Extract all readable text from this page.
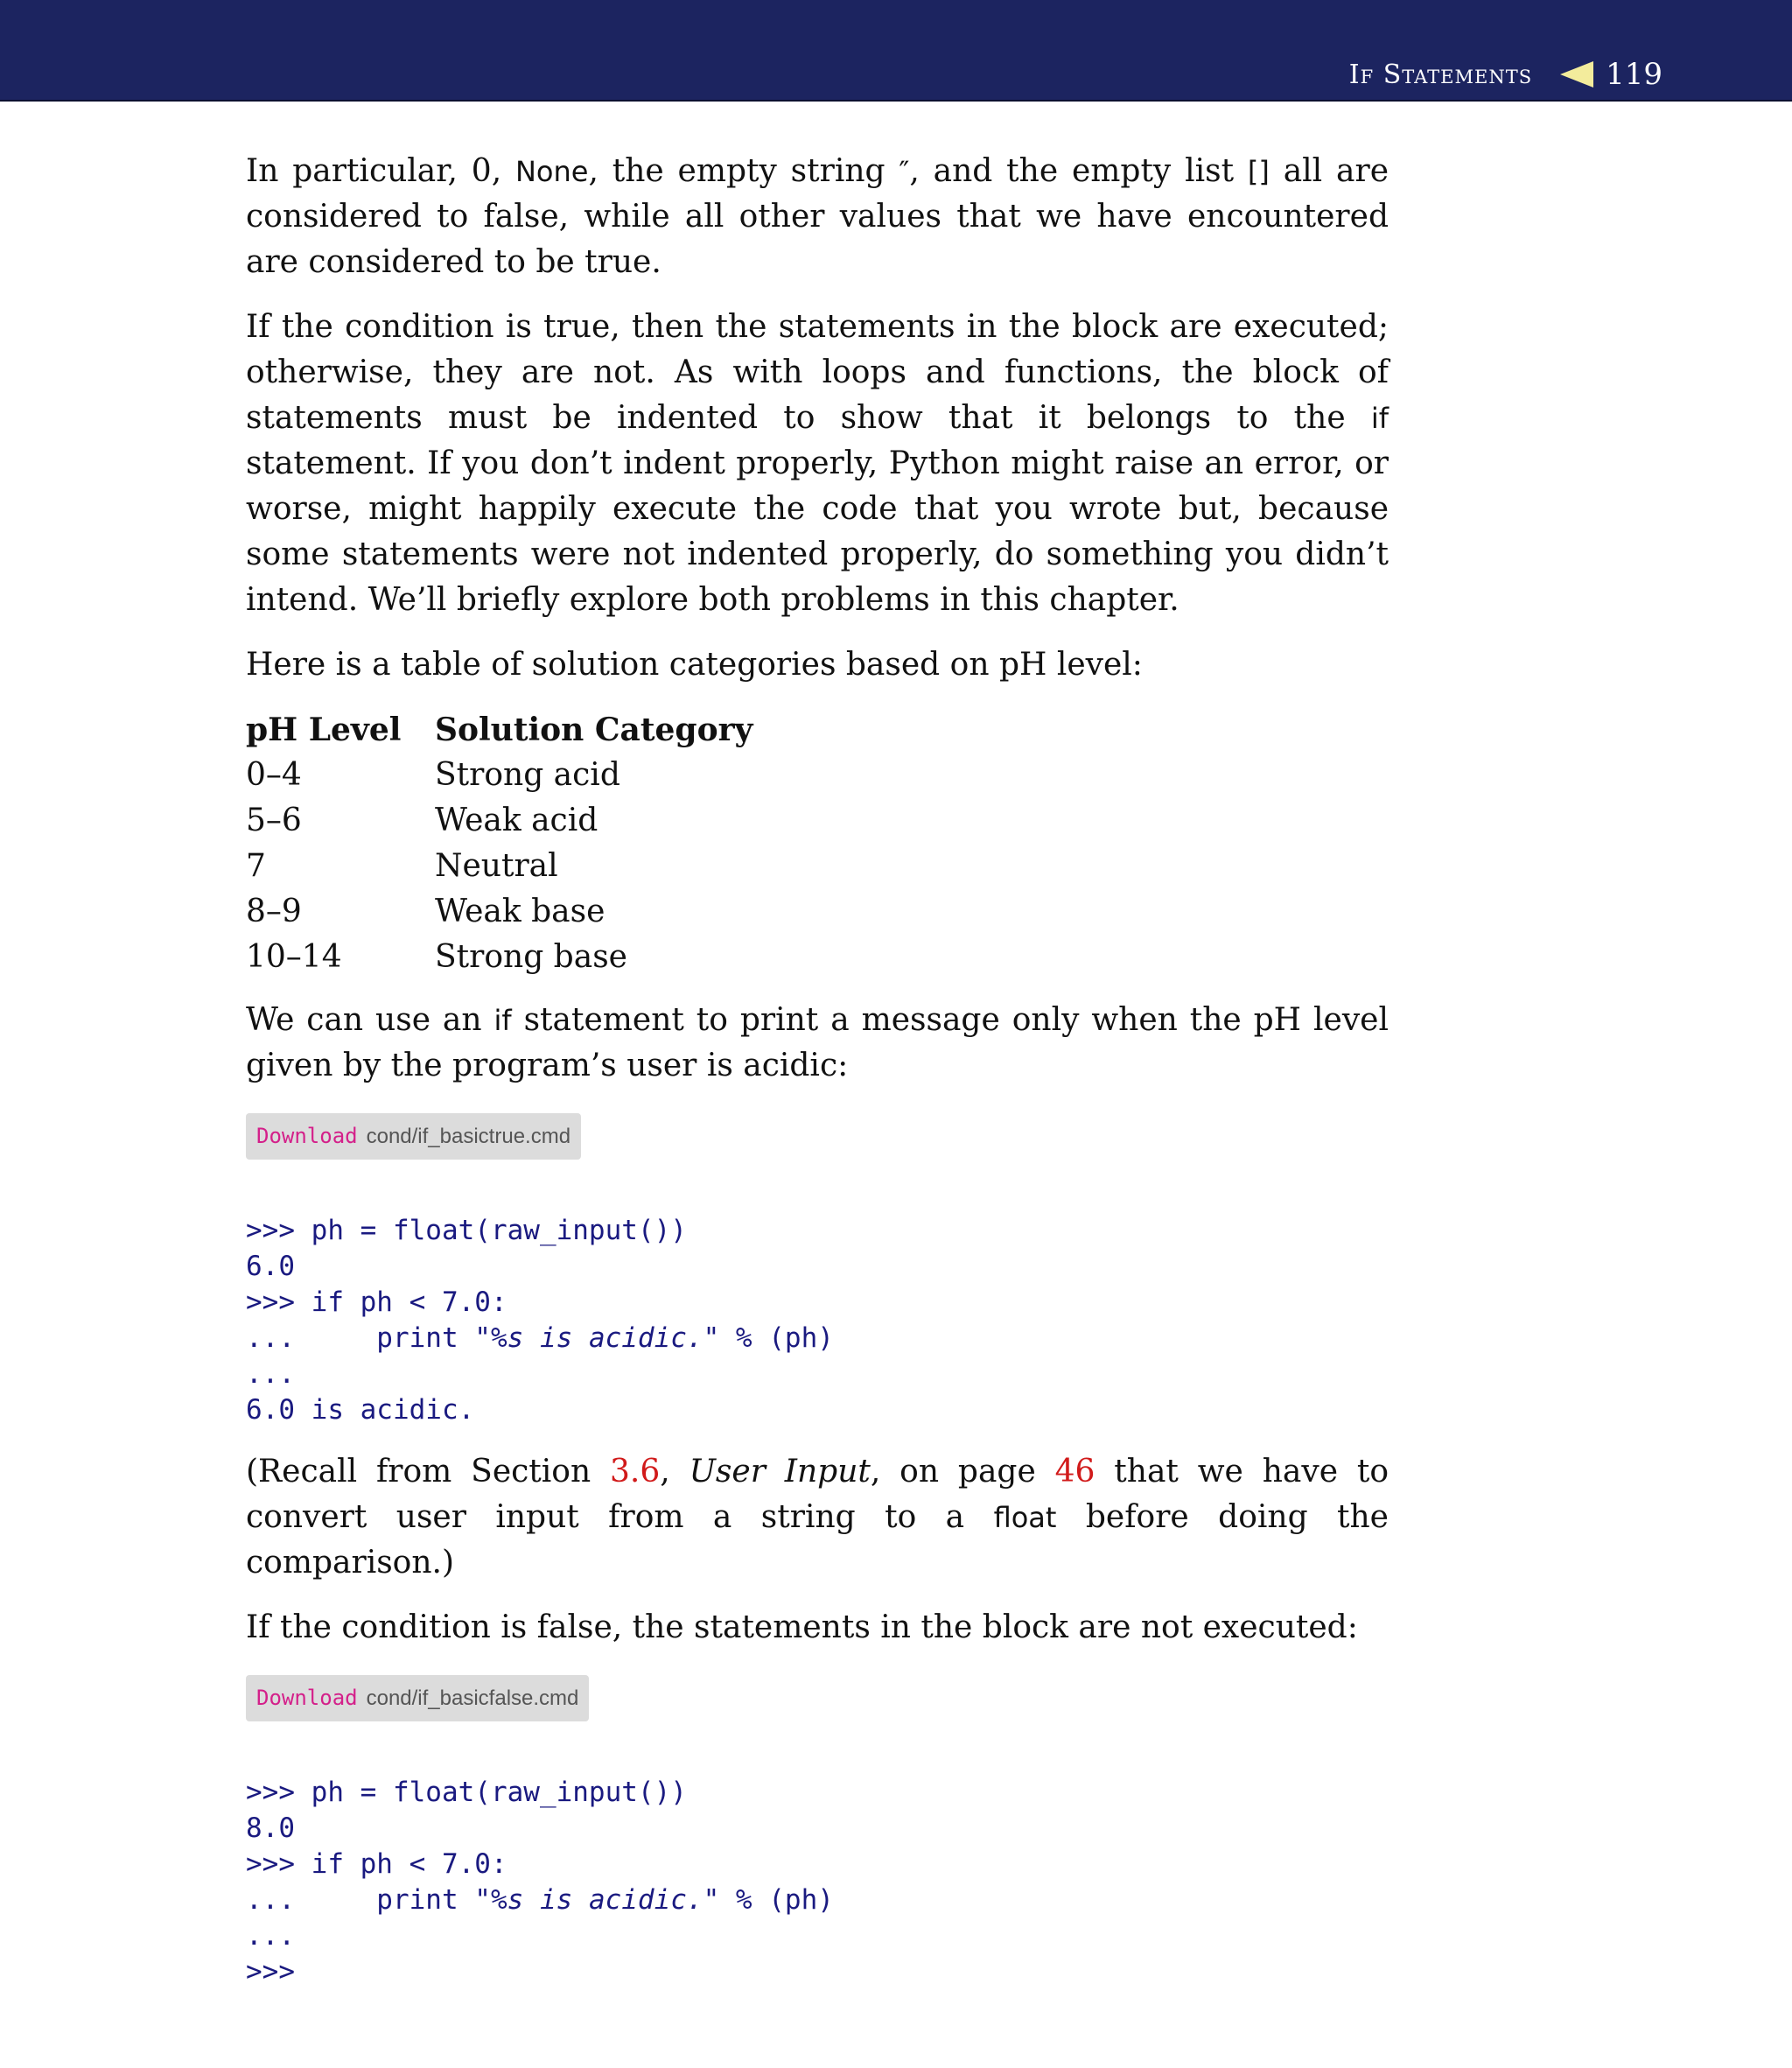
If Statements 119

In particular, 0, None, the empty string ″, and the empty list [] all are considered to false, while all other values that we have encountered are considered to be true.

If the condition is true, then the statements in the block are executed; otherwise, they are not. As with loops and functions, the block of statements must be indented to show that it belongs to the if statement. If you don’t indent properly, Python might raise an error, or worse, might happily execute the code that you wrote but, because some statements were not indented properly, do something you didn’t intend. We’ll briefly explore both problems in this chapter.

Here is a table of solution categories based on pH level:

pH Level	Solution Category
0–4	Strong acid
5–6	Weak acid
7	Neutral
8–9	Weak base
10–14	Strong base

We can use an if statement to print a message only when the pH level given by the program’s user is acidic:

Download cond/if_basictrue.cmd

>>> ph = float(raw_input())
6.0
>>> if ph < 7.0:
...     print "%s is acidic." % (ph)
...
6.0 is acidic.

(Recall from Section 3.6, User Input, on page 46 that we have to convert user input from a string to a float before doing the comparison.)

If the condition is false, the statements in the block are not executed:

Download cond/if_basicfalse.cmd

>>> ph = float(raw_input())
8.0
>>> if ph < 7.0:
...     print "%s is acidic." % (ph)
...
>>>
